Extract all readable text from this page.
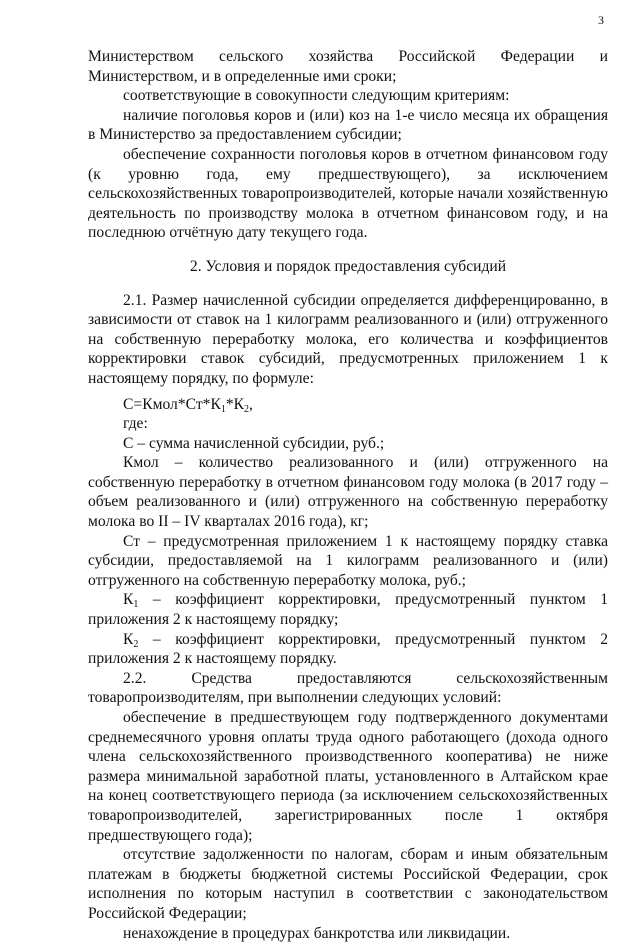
3

Министерством сельского хозяйства Российской Федерации и Министерством, и в определенные ими сроки;

соответствующие в совокупности следующим критериям:

наличие поголовья коров и (или) коз на 1-е число месяца их обращения в Министерство за предоставлением субсидии;

обеспечение сохранности поголовья коров в отчетном финансовом году (к уровню года, ему предшествующего), за исключением сельскохозяйственных товаропроизводителей, которые начали хозяйственную деятельность по производству молока в отчетном финансовом году, и на последнюю отчётную дату текущего года.

2. Условия и порядок предоставления субсидий

2.1. Размер начисленной субсидии определяется дифференцированно, в зависимости от ставок на 1 килограмм реализованного и (или) отгруженного на собственную переработку молока, его количества и коэффициентов корректировки ставок субсидий, предусмотренных приложением 1 к настоящему порядку, по формуле:

$С=Кмол*Ст*К_1*К_2$,

где:

С – сумма начисленной субсидии, руб.;

Кмол – количество реализованного и (или) отгруженного на собственную переработку в отчетном финансовом году молока (в 2017 году – объем реализованного и (или) отгруженного на собственную переработку молока во II – IV кварталах 2016 года), кг;

Ст – предусмотренная приложением 1 к настоящему порядку ставка субсидии, предоставляемой на 1 килограмм реализованного и (или) отгруженного на собственную переработку молока, руб.;

$К_1$ – коэффициент корректировки, предусмотренный пунктом 1 приложения 2 к настоящему порядку;

$К_2$ – коэффициент корректировки, предусмотренный пунктом 2 приложения 2 к настоящему порядку.

2.2. Средства предоставляются сельскохозяйственным товаропроизводителям, при выполнении следующих условий:

обеспечение в предшествующем году подтвержденного документами среднемесячного уровня оплаты труда одного работающего (дохода одного члена сельскохозяйственного производственного кооператива) не ниже размера минимальной заработной платы, установленного в Алтайском крае на конец соответствующего периода (за исключением сельскохозяйственных товаропроизводителей, зарегистрированных после 1 октября предшествующего года);

отсутствие задолженности по налогам, сборам и иным обязательным платежам в бюджеты бюджетной системы Российской Федерации, срок исполнения по которым наступил в соответствии с законодательством Российской Федерации;

ненахождение в процедурах банкротства или ликвидации.
